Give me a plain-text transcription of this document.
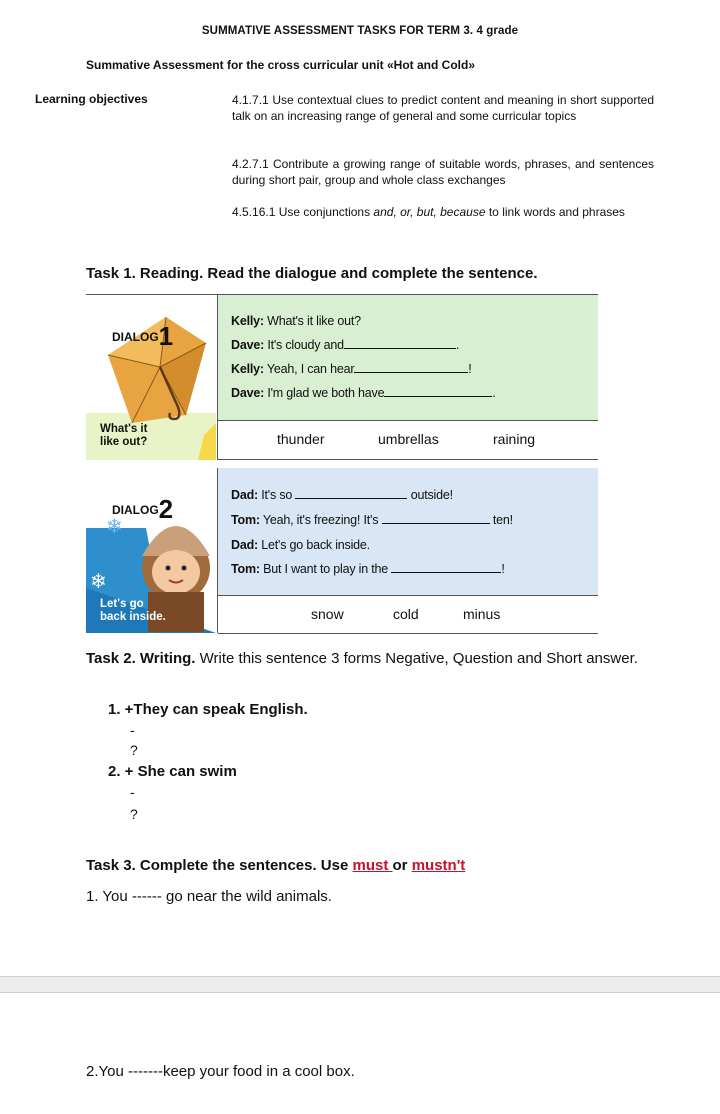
SUMMATIVE ASSESSMENT TASKS FOR TERM 3. 4 grade
Summative Assessment for the cross curricular unit «Hot and Cold»
Learning objectives	4.1.7.1 Use contextual clues to predict content and meaning in short supported talk on an increasing range of general and some curricular topics
4.2.7.1 Contribute a growing range of suitable words, phrases, and sentences during short pair, group and whole class exchanges
4.5.16.1 Use conjunctions and, or, but, because to link words and phrases
Task 1. Reading. Read the dialogue and complete the sentence.
DIALOG1
What's it
like out?
Kelly: What's it like out?
Dave: It's cloudy and	.
Kelly: Yeah, I can hear	!
Dave: I'm glad we both have	.
thunder	umbrellas	raining
❄
❄
DIALOG2
Let's go
back inside.
Dad: It's so	outside!
Tom: Yeah, it's freezing! It's	ten!
Dad: Let's go back inside.
Tom: But I want to play in the	!
snow	cold	minus
Task 2. Writing. Write this sentence 3 forms Negative, Question and Short answer.
1. +They can speak English.
-
?
2. + She can swim
-
?
Task 3. Complete the sentences. Use must or mustn't
1. You ------ go near the wild animals.
2.You -------keep your food in a cool box.
